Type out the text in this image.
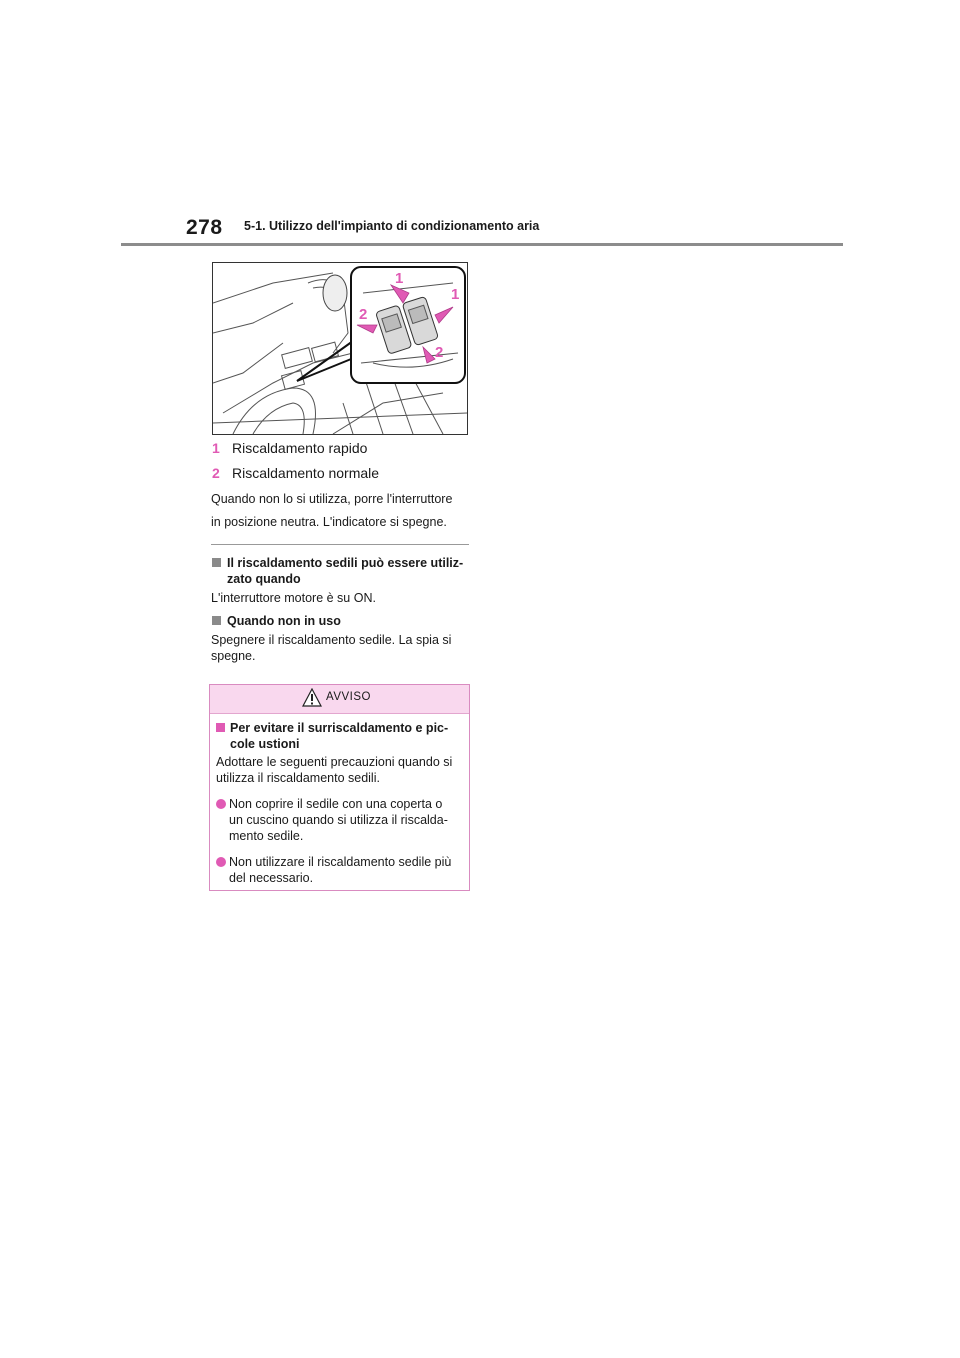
278 5-1. Utilizzo dell'impianto di condizionamento aria
1
1
2
2
1 Riscaldamento rapido
2 Riscaldamento normale
Quando non lo si utilizza, porre l'interruttore
in posizione neutra. L'indicatore si spegne.
Il riscaldamento sedili può essere utiliz-
zato quando
L'interruttore motore è su ON.
Quando non in uso
Spegnere il riscaldamento sedile. La spia si
spegne.
AVVISO
Per evitare il surriscaldamento e pic-
cole ustioni
Adottare le seguenti precauzioni quando si
utilizza il riscaldamento sedili.
Non coprire il sedile con una coperta o
un cuscino quando si utilizza il riscalda-
mento sedile.
Non utilizzare il riscaldamento sedile più
del necessario.
